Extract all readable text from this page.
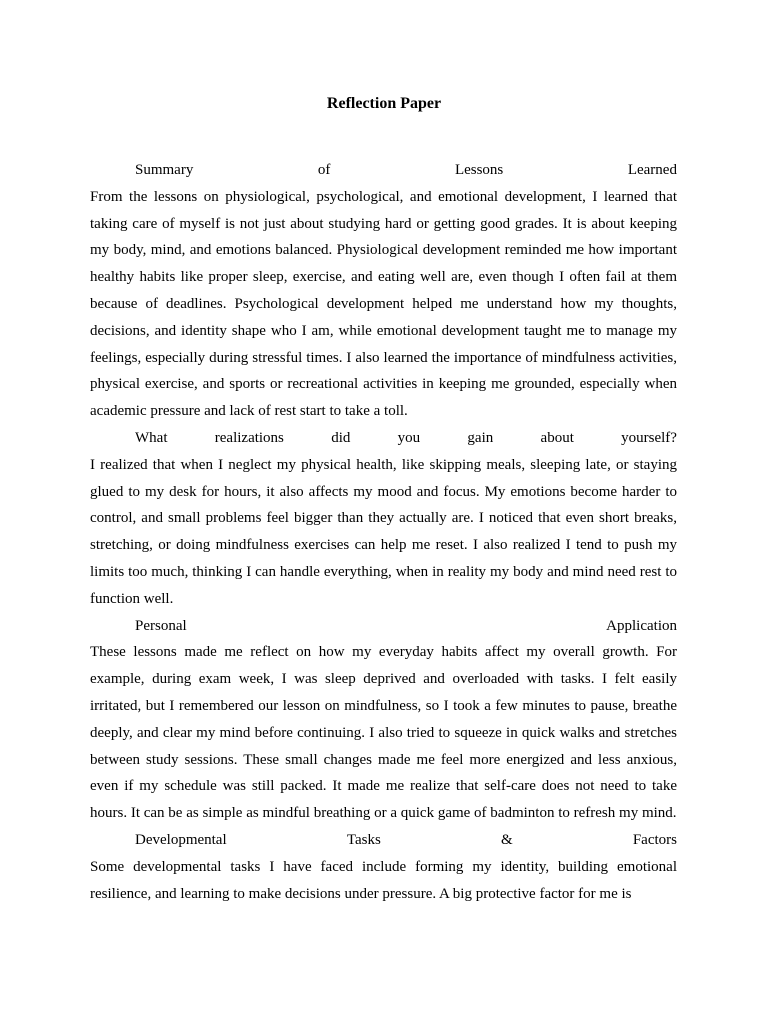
Reflection Paper
Summary	of	Lessons	Learned

From the lessons on physiological, psychological, and emotional development, I learned that taking care of myself is not just about studying hard or getting good grades. It is about keeping my body, mind, and emotions balanced. Physiological development reminded me how important healthy habits like proper sleep, exercise, and eating well are, even though I often fail at them because of deadlines. Psychological development helped me understand how my thoughts, decisions, and identity shape who I am, while emotional development taught me to manage my feelings, especially during stressful times. I also learned the importance of mindfulness activities, physical exercise, and sports or recreational activities in keeping me grounded, especially when academic pressure and lack of rest start to take a toll.

What	realizations	did	you	gain	about	yourself?

I realized that when I neglect my physical health, like skipping meals, sleeping late, or staying glued to my desk for hours, it also affects my mood and focus. My emotions become harder to control, and small problems feel bigger than they actually are. I noticed that even short breaks, stretching, or doing mindfulness exercises can help me reset. I also realized I tend to push my limits too much, thinking I can handle everything, when in reality my body and mind need rest to function well.

Personal	Application

These lessons made me reflect on how my everyday habits affect my overall growth. For example, during exam week, I was sleep deprived and overloaded with tasks. I felt easily irritated, but I remembered our lesson on mindfulness, so I took a few minutes to pause, breathe deeply, and clear my mind before continuing. I also tried to squeeze in quick walks and stretches between study sessions. These small changes made me feel more energized and less anxious, even if my schedule was still packed. It made me realize that self-care does not need to take hours. It can be as simple as mindful breathing or a quick game of badminton to refresh my mind.

Developmental	Tasks	&	Factors

Some developmental tasks I have faced include forming my identity, building emotional resilience, and learning to make decisions under pressure. A big protective factor for me is
